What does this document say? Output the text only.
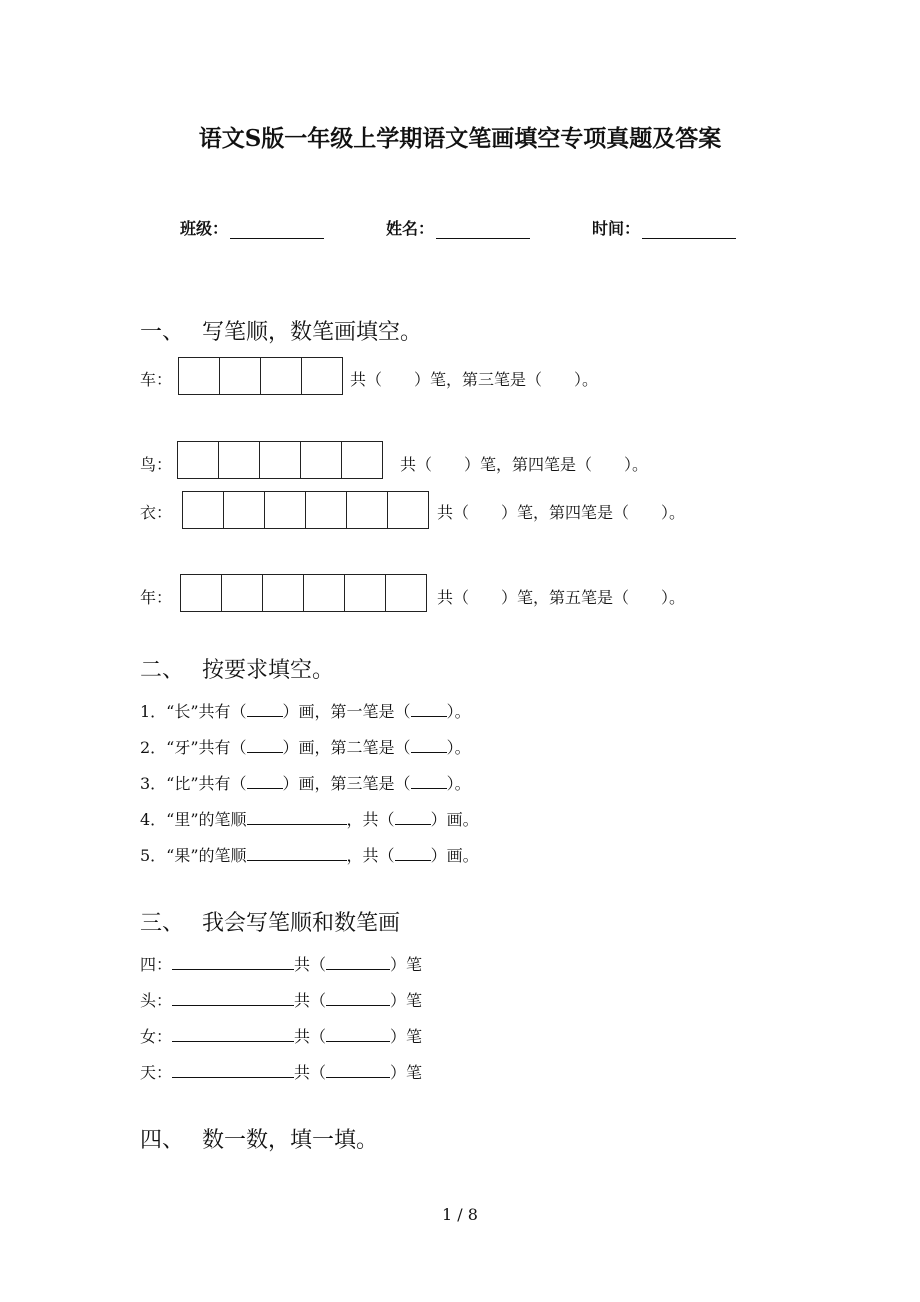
语文S版一年级上学期语文笔画填空专项真题及答案
班级：	姓名：	时间：
一、 写笔顺，数笔画填空。
车：	共（　　）笔，第三笔是（　　）。
鸟：	共（　　）笔，第四笔是（　　）。
衣：	共（　　）笔，第四笔是（　　）。
年：	共（　　）笔，第五笔是（　　）。
二、 按要求填空。
1．“长”共有（ ）画，第一笔是（ ）。
2．“牙”共有（ ）画，第二笔是（ ）。
3．“比”共有（ ）画，第三笔是（ ）。
4．“里”的笔顺	，共（ ）画。
5．“果”的笔顺	，共（ ）画。
三、 我会写笔顺和数笔画
四：	共（	）笔
头：	共（	）笔
女：	共（	）笔
天：	共（	）笔
四、 数一数，填一填。
1 / 8
